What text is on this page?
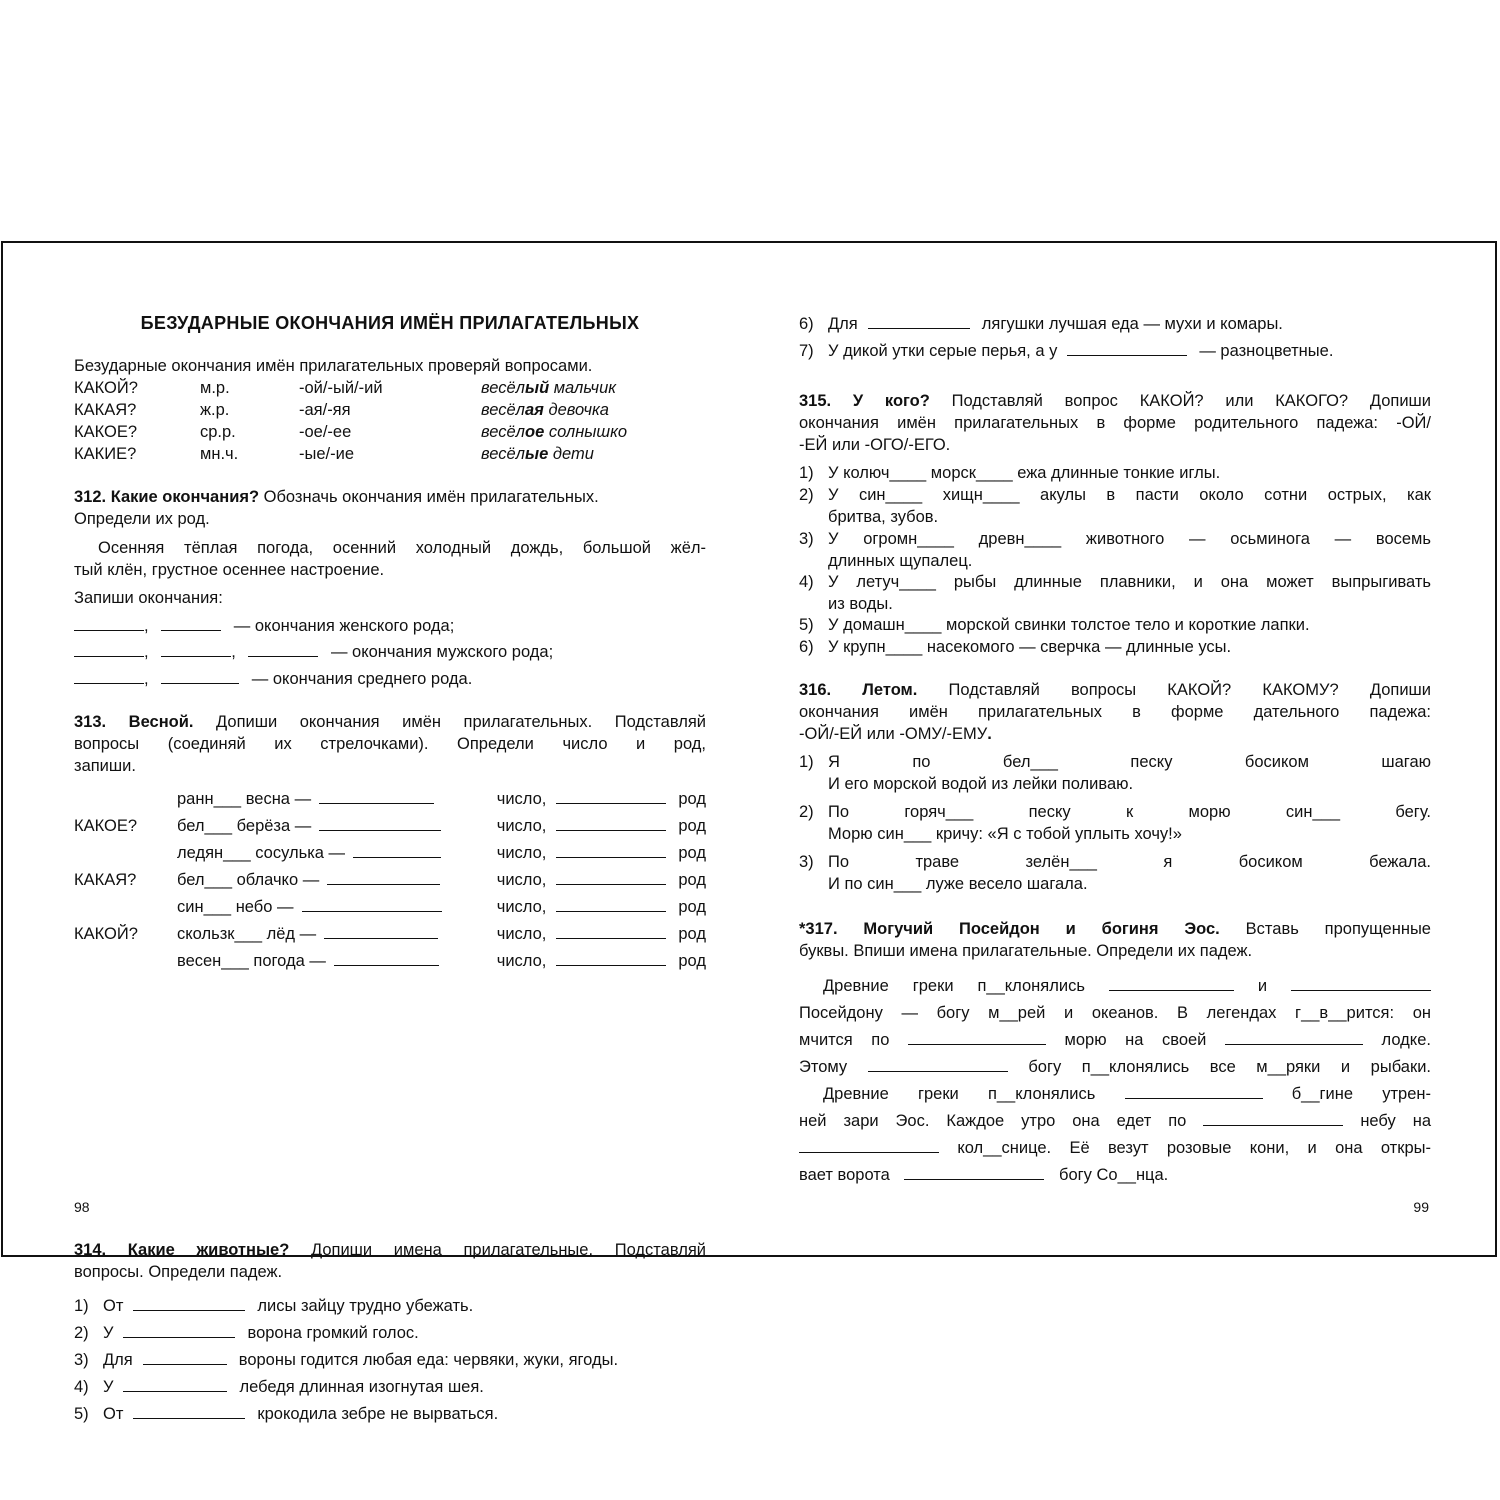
БЕЗУДАРНЫЕ ОКОНЧАНИЯ ИМЁН ПРИЛАГАТЕЛЬНЫХ
Безударные окончания имён прилагательных проверяй вопросами.
КАКОЙ?	м.р.	-ой/-ый/-ий	весёлый мальчик
КАКАЯ?	ж.р.	-ая/-яя	весёлая девочка
КАКОЕ?	ср.р.	-ое/-ее	весёлое солнышко
КАКИЕ?	мн.ч.	-ые/-ие	весёлые дети
312. Какие окончания? Обозначь окончания имён прилагательных.
Определи их род.
Осенняя тёплая погода, осенний холодный дождь, большой жёл-
тый клён, грустное осеннее настроение.
Запиши окончания:
,	— окончания женского рода;
,	,	— окончания мужского рода;
,	— окончания среднего рода.
313. Весной. Допиши окончания имён прилагательных. Подставляй
вопросы (соединяй их стрелочками). Определи число и род,
запиши.
ранн___ весна —	число,	род
КАКОЕ? бел___ берёза —	число,	род
ледян___ сосулька —	число,	род
КАКАЯ? бел___ облачко —	число,	род
син___ небо —	число,	род
КАКОЙ? скользк___ лёд —	число,	род
весен___ погода —	число,	род
314. Какие животные? Допиши имена прилагательные. Подставляй
вопросы. Определи падеж.
1) От	лисы зайцу трудно убежать.
2) У	ворона громкий голос.
3) Для	вороны годится любая еда: червяки, жуки, ягоды.
4) У	лебедя длинная изогнутая шея.
5) От	крокодила зебре не вырваться.
98
6) Для	лягушки лучшая еда — мухи и комары.
7) У дикой утки серые перья, а у	— разноцветные.
315. У кого? Подставляй вопрос КАКОЙ? или КАКОГО? Допиши
окончания имён прилагательных в форме родительного падежа: -ОЙ/
-ЕЙ или -ОГО/-ЕГО.
1) У колюч____ морск____ ежа длинные тонкие иглы.
2) У син____ хищн____ акулы в пасти около сотни острых, как
бритва, зубов.
3) У огромн____ древн____ животного — осьминога — восемь
длинных щупалец.
4) У летуч____ рыбы длинные плавники, и она может выпрыгивать
из воды.
5) У домашн____ морской свинки толстое тело и короткие лапки.
6) У крупн____ насекомого — сверчка — длинные усы.
316. Летом. Подставляй вопросы КАКОЙ? КАКОМУ? Допиши
окончания имён прилагательных в форме дательного падежа:
-ОЙ/-ЕЙ или -ОМУ/-ЕМУ.
1) Я по бел___ песку босиком шагаю
И его морской водой из лейки поливаю.
2) По горяч___ песку к морю син___ бегу.
Морю син___ кричу: «Я с тобой уплыть хочу!»
3) По траве зелён___ я босиком бежала.
И по син___ луже весело шагала.
*317. Могучий Посейдон и богиня Эос. Вставь пропущенные
буквы. Впиши имена прилагательные. Определи их падеж.
Древние греки п__клонялись	и
Посейдону — богу м__рей и океанов. В легендах г__в__рится: он
мчится по	морю на своей	лодке.
Этому	богу п__клонялись все м__ряки и рыбаки.
Древние греки п__клонялись	б__гине утрен-
ней зари Эос. Каждое утро она едет по	небу на
кол__снице. Её везут розовые кони, и она откры-
вает ворота	богу Со__нца.
99
